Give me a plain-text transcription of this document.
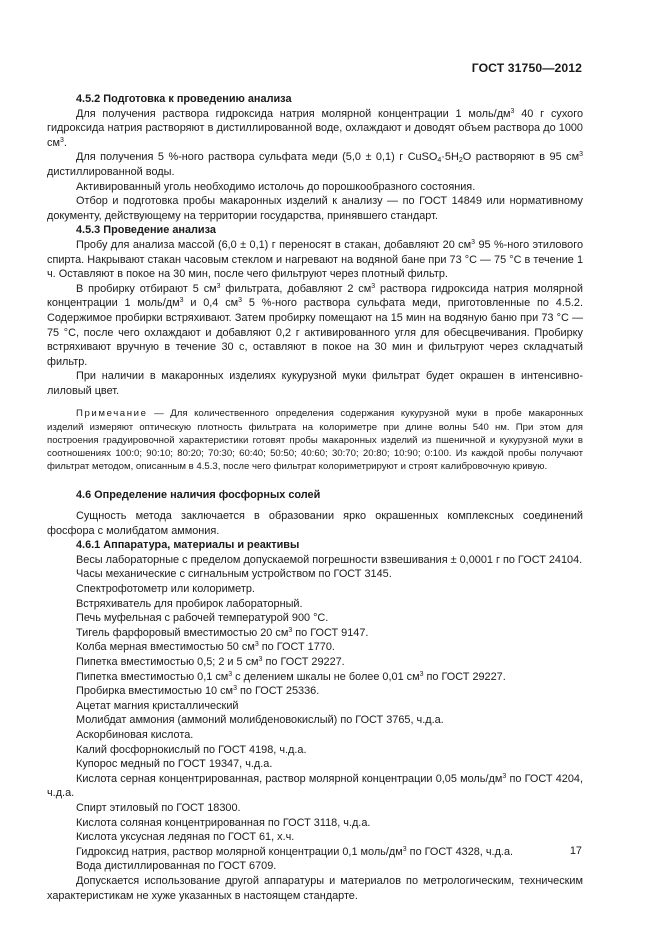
ГОСТ 31750—2012

4.5.2 Подготовка к проведению анализа

Для получения раствора гидроксида натрия молярной концентрации 1 моль/$дм^3$ 40 г сухого гидроксида натрия растворяют в дистиллированной воде, охлаждают и доводят объем раствора до 1000 $см^3$.

Для получения 5 %-ного раствора сульфата меди (5,0 ± 0,1) г $CuSO_4\cdot 5H_2O$ растворяют в 95 $см^3$ дистиллированной воды.

Активированный уголь необходимо истолочь до порошкообразного состояния.

Отбор и подготовка пробы макаронных изделий к анализу — по ГОСТ 14849 или нормативному документу, действующему на территории государства, принявшего стандарт.

4.5.3 Проведение анализа

Пробу для анализа массой (6,0 ± 0,1) г переносят в стакан, добавляют 20 $см^3$ 95 %-ного этилового спирта. Накрывают стакан часовым стеклом и нагревают на водяной бане при 73 °С — 75 °С в течение 1 ч. Оставляют в покое на 30 мин, после чего фильтруют через плотный фильтр.

В пробирку отбирают 5 $см^3$ фильтрата, добавляют 2 $см^3$ раствора гидроксида натрия молярной концентрации 1 моль/$дм^3$ и 0,4 $см^3$ 5 %-ного раствора сульфата меди, приготовленные по 4.5.2. Содержимое пробирки встряхивают. Затем пробирку помещают на 15 мин на водяную баню при 73 °С — 75 °С, после чего охлаждают и добавляют 0,2 г активированного угля для обесцвечивания. Пробирку встряхивают вручную в течение 30 с, оставляют в покое на 30 мин и фильтруют через складчатый фильтр.

При наличии в макаронных изделиях кукурузной муки фильтрат будет окрашен в интенсивно-лиловый цвет.

Примечание — Для количественного определения содержания кукурузной муки в пробе макаронных изделий измеряют оптическую плотность фильтрата на колориметре при длине волны 540 нм. При этом для построения градуировочной характеристики готовят пробы макаронных изделий из пшеничной и кукурузной муки в соотношениях 100:0; 90:10; 80:20; 70:30; 60:40; 50:50; 40:60; 30:70; 20:80; 10:90; 0:100. Из каждой пробы получают фильтрат методом, описанным в 4.5.3, после чего фильтрат колориметрируют и строят калибровочную кривую.

4.6 Определение наличия фосфорных солей

Сущность метода заключается в образовании ярко окрашенных комплексных соединений фосфора с молибдатом аммония.

4.6.1 Аппаратура, материалы и реактивы

Весы лабораторные с пределом допускаемой погрешности взвешивания ± 0,0001 г по ГОСТ 24104.

Часы механические с сигнальным устройством по ГОСТ 3145.

Спектрофотометр или колориметр.

Встряхиватель для пробирок лабораторный.

Печь муфельная с рабочей температурой 900 °С.

Тигель фарфоровый вместимостью 20 $см^3$ по ГОСТ 9147.

Колба мерная вместимостью 50 $см^3$ по ГОСТ 1770.

Пипетка вместимостью 0,5; 2 и 5 $см^3$ по ГОСТ 29227.

Пипетка вместимостью 0,1 $см^3$ с делением шкалы не более 0,01 $см^3$ по ГОСТ 29227.

Пробирка вместимостью 10 $см^3$ по ГОСТ 25336.

Ацетат магния кристаллический

Молибдат аммония (аммоний молибденовокислый) по ГОСТ 3765, ч.д.а.

Аскорбиновая кислота.

Калий фосфорнокислый по ГОСТ 4198, ч.д.а.

Купорос медный по ГОСТ 19347, ч.д.а.

Кислота серная концентрированная, раствор молярной концентрации 0,05 моль/$дм^3$ по ГОСТ 4204, ч.д.а.

Спирт этиловый по ГОСТ 18300.

Кислота соляная концентрированная по ГОСТ 3118, ч.д.а.

Кислота уксусная ледяная по ГОСТ 61, х.ч.

Гидроксид натрия, раствор молярной концентрации 0,1 моль/$дм^3$ по ГОСТ 4328, ч.д.а.

Вода дистиллированная по ГОСТ 6709.

Допускается использование другой аппаратуры и материалов по метрологическим, техническим характеристикам не хуже указанных в настоящем стандарте.

17
